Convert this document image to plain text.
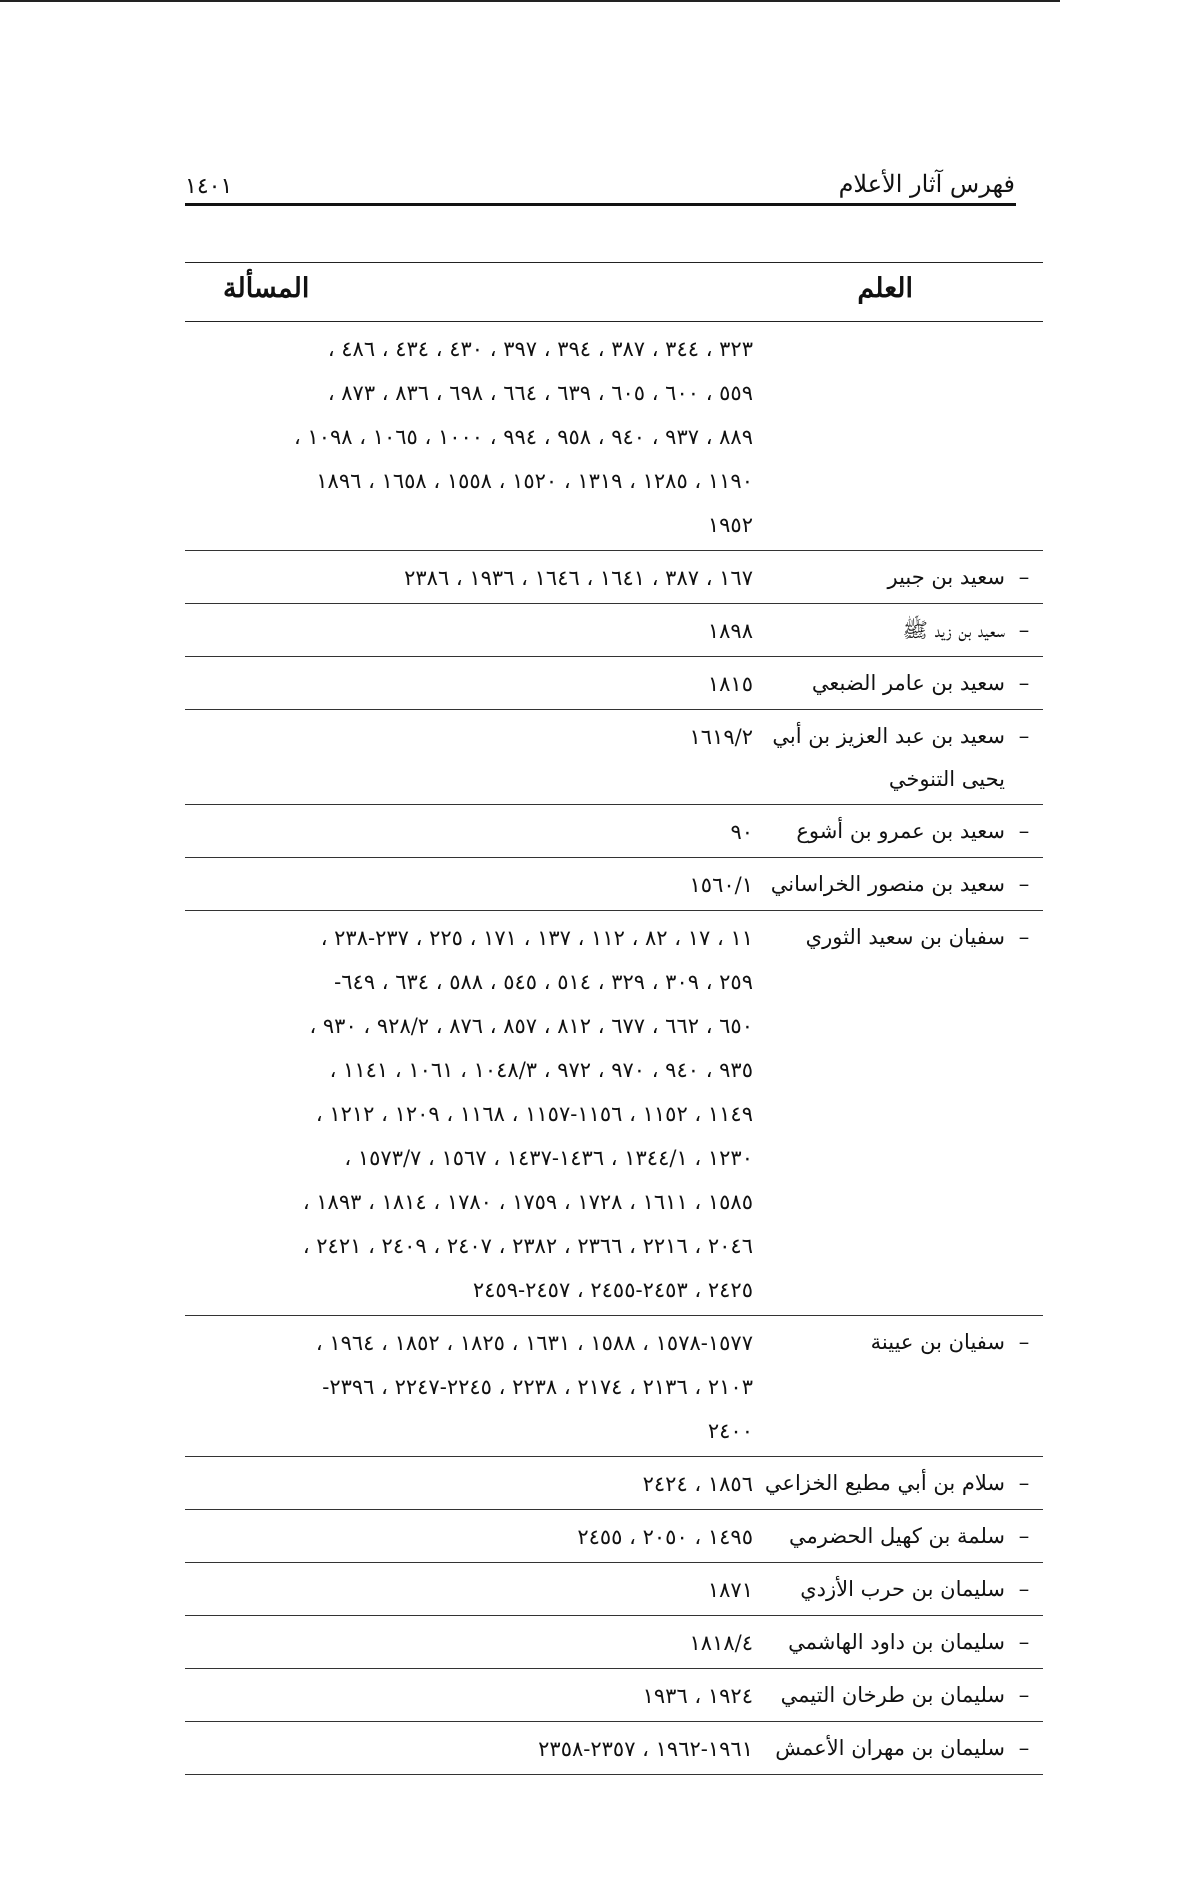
فهرس آثار الأعلام
١٤٠١
العلم
المسألة
٣٢٣ ، ٣٤٤ ، ٣٨٧ ، ٣٩٤ ، ٣٩٧ ، ٤٣٠ ، ٤٣٤ ، ٤٨٦ ،
٥٥٩ ، ٦٠٠ ، ٦٠٥ ، ٦٣٩ ، ٦٦٤ ، ٦٩٨ ، ٨٣٦ ، ٨٧٣ ،
٨٨٩ ، ٩٣٧ ، ٩٤٠ ، ٩٥٨ ، ٩٩٤ ، ١٠٠٠ ، ١٠٦٥ ، ١٠٩٨ ،
١١٩٠ ، ١٢٨٥ ، ١٣١٩ ، ١٥٢٠ ، ١٥٥٨ ، ١٦٥٨ ، ١٨٩٦
١٩٥٢
–سعيد بن جبير
١٦٧ ، ٣٨٧ ، ١٦٤١ ، ١٦٤٦ ، ١٩٣٦ ، ٢٣٨٦
–سعيد بن زيد ﷺ
١٨٩٨
–سعيد بن عامر الضبعي
١٨١٥
–سعيد بن عبد العزيز بن أبي يحيى التنوخي
١٦١٩/٢
–سعيد بن عمرو بن أشوع
٩٠
–سعيد بن منصور الخراساني
١٥٦٠/١
–سفيان بن سعيد الثوري
١١ ، ١٧ ، ٨٢ ، ١١٢ ، ١٣٧ ، ١٧١ ، ٢٢٥ ، ٢٣٧-٢٣٨ ،
٢٥٩ ، ٣٠٩ ، ٣٢٩ ، ٥١٤ ، ٥٤٥ ، ٥٨٨ ، ٦٣٤ ، ٦٤٩-
٦٥٠ ، ٦٦٢ ، ٦٧٧ ، ٨١٢ ، ٨٥٧ ، ٨٧٦ ، ٩٢٨/٢ ، ٩٣٠ ،
٩٣٥ ، ٩٤٠ ، ٩٧٠ ، ٩٧٢ ، ١٠٤٨/٣ ، ١٠٦١ ، ١١٤١ ،
١١٤٩ ، ١١٥٢ ، ١١٥٦-١١٥٧ ، ١١٦٨ ، ١٢٠٩ ، ١٢١٢ ،
١٢٣٠ ، ١٣٤٤/١ ، ١٤٣٦-١٤٣٧ ، ١٥٦٧ ، ١٥٧٣/٧ ،
١٥٨٥ ، ١٦١١ ، ١٧٢٨ ، ١٧٥٩ ، ١٧٨٠ ، ١٨١٤ ، ١٨٩٣ ،
٢٠٤٦ ، ٢٢١٦ ، ٢٣٦٦ ، ٢٣٨٢ ، ٢٤٠٧ ، ٢٤٠٩ ، ٢٤٢١ ،
٢٤٢٥ ، ٢٤٥٣-٢٤٥٥ ، ٢٤٥٧-٢٤٥٩
–سفيان بن عيينة
١٥٧٧-١٥٧٨ ، ١٥٨٨ ، ١٦٣١ ، ١٨٢٥ ، ١٨٥٢ ، ١٩٦٤ ،
٢١٠٣ ، ٢١٣٦ ، ٢١٧٤ ، ٢٢٣٨ ، ٢٢٤٥-٢٢٤٧ ، ٢٣٩٦-
٢٤٠٠
–سلام بن أبي مطيع الخزاعي
١٨٥٦ ، ٢٤٢٤
–سلمة بن كهيل الحضرمي
١٤٩٥ ، ٢٠٥٠ ، ٢٤٥٥
–سليمان بن حرب الأزدي
١٨٧١
–سليمان بن داود الهاشمي
١٨١٨/٤
–سليمان بن طرخان التيمي
١٩٢٤ ، ١٩٣٦
–سليمان بن مهران الأعمش
١٩٦١-١٩٦٢ ، ٢٣٥٧-٢٣٥٨
